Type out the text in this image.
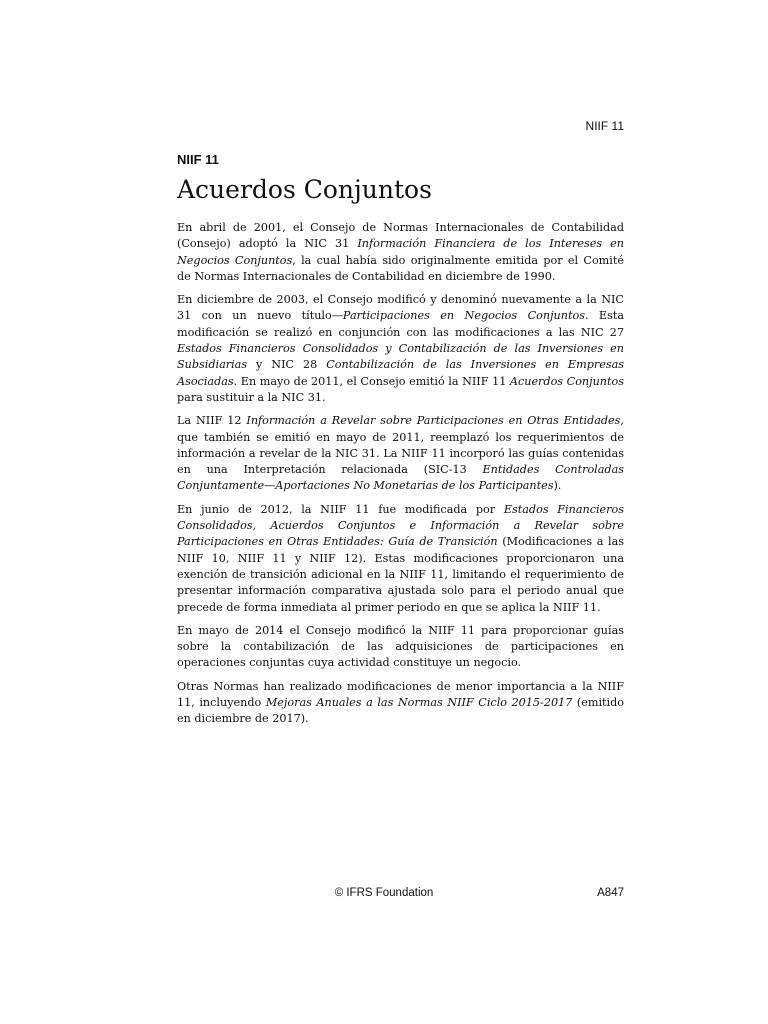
NIIF 11
NIIF 11
Acuerdos Conjuntos

En abril de 2001, el Consejo de Normas Internacionales de Contabilidad (Consejo) adoptó la NIC 31 Información Financiera de los Intereses en Negocios Conjuntos, la cual había sido originalmente emitida por el Comité de Normas Internacionales de Contabilidad en diciembre de 1990.

En diciembre de 2003, el Consejo modificó y denominó nuevamente a la NIC 31 con un nuevo título—Participaciones en Negocios Conjuntos. Esta modificación se realizó en conjunción con las modificaciones a las NIC 27 Estados Financieros Consolidados y Contabilización de las Inversiones en Subsidiarias y NIC 28 Contabilización de las Inversiones en Empresas Asociadas. En mayo de 2011, el Consejo emitió la NIIF 11 Acuerdos Conjuntos para sustituir a la NIC 31.

La NIIF 12 Información a Revelar sobre Participaciones en Otras Entidades, que también se emitió en mayo de 2011, reemplazó los requerimientos de información a revelar de la NIC 31. La NIIF 11 incorporó las guías contenidas en una Interpretación relacionada (SIC-13 Entidades Controladas Conjuntamente—Aportaciones No Monetarias de los Participantes).

En junio de 2012, la NIIF 11 fue modificada por Estados Financieros Consolidados, Acuerdos Conjuntos e Información a Revelar sobre Participaciones en Otras Entidades: Guía de Transición (Modificaciones a las NIIF 10, NIIF 11 y NIIF 12). Estas modificaciones proporcionaron una exención de transición adicional en la NIIF 11, limitando el requerimiento de presentar información comparativa ajustada solo para el periodo anual que precede de forma inmediata al primer periodo en que se aplica la NIIF 11.

En mayo de 2014 el Consejo modificó la NIIF 11 para proporcionar guías sobre la contabilización de las adquisiciones de participaciones en operaciones conjuntas cuya actividad constituye un negocio.

Otras Normas han realizado modificaciones de menor importancia a la NIIF 11, incluyendo Mejoras Anuales a las Normas NIIF Ciclo 2015-2017 (emitido en diciembre de 2017).

© IFRS Foundation	A847
